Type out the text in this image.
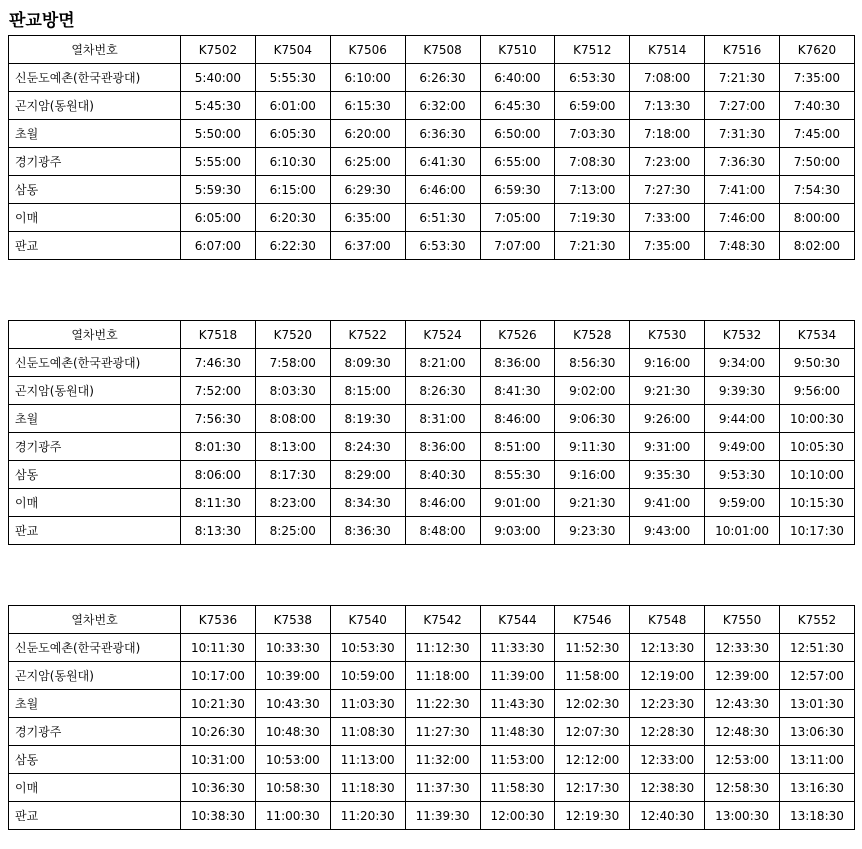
판교방면
열차번호	K7502	K7504	K7506	K7508	K7510	K7512	K7514	K7516	K7620
신둔도예촌(한국관광대)	5:40:00	5:55:30	6:10:00	6:26:30	6:40:00	6:53:30	7:08:00	7:21:30	7:35:00
곤지암(동원대)	5:45:30	6:01:00	6:15:30	6:32:00	6:45:30	6:59:00	7:13:30	7:27:00	7:40:30
초월	5:50:00	6:05:30	6:20:00	6:36:30	6:50:00	7:03:30	7:18:00	7:31:30	7:45:00
경기광주	5:55:00	6:10:30	6:25:00	6:41:30	6:55:00	7:08:30	7:23:00	7:36:30	7:50:00
삼동	5:59:30	6:15:00	6:29:30	6:46:00	6:59:30	7:13:00	7:27:30	7:41:00	7:54:30
이매	6:05:00	6:20:30	6:35:00	6:51:30	7:05:00	7:19:30	7:33:00	7:46:00	8:00:00
판교	6:07:00	6:22:30	6:37:00	6:53:30	7:07:00	7:21:30	7:35:00	7:48:30	8:02:00
열차번호	K7518	K7520	K7522	K7524	K7526	K7528	K7530	K7532	K7534
신둔도예촌(한국관광대)	7:46:30	7:58:00	8:09:30	8:21:00	8:36:00	8:56:30	9:16:00	9:34:00	9:50:30
곤지암(동원대)	7:52:00	8:03:30	8:15:00	8:26:30	8:41:30	9:02:00	9:21:30	9:39:30	9:56:00
초월	7:56:30	8:08:00	8:19:30	8:31:00	8:46:00	9:06:30	9:26:00	9:44:00	10:00:30
경기광주	8:01:30	8:13:00	8:24:30	8:36:00	8:51:00	9:11:30	9:31:00	9:49:00	10:05:30
삼동	8:06:00	8:17:30	8:29:00	8:40:30	8:55:30	9:16:00	9:35:30	9:53:30	10:10:00
이매	8:11:30	8:23:00	8:34:30	8:46:00	9:01:00	9:21:30	9:41:00	9:59:00	10:15:30
판교	8:13:30	8:25:00	8:36:30	8:48:00	9:03:00	9:23:30	9:43:00	10:01:00	10:17:30
열차번호	K7536	K7538	K7540	K7542	K7544	K7546	K7548	K7550	K7552
신둔도예촌(한국관광대)	10:11:30	10:33:30	10:53:30	11:12:30	11:33:30	11:52:30	12:13:30	12:33:30	12:51:30
곤지암(동원대)	10:17:00	10:39:00	10:59:00	11:18:00	11:39:00	11:58:00	12:19:00	12:39:00	12:57:00
초월	10:21:30	10:43:30	11:03:30	11:22:30	11:43:30	12:02:30	12:23:30	12:43:30	13:01:30
경기광주	10:26:30	10:48:30	11:08:30	11:27:30	11:48:30	12:07:30	12:28:30	12:48:30	13:06:30
삼동	10:31:00	10:53:00	11:13:00	11:32:00	11:53:00	12:12:00	12:33:00	12:53:00	13:11:00
이매	10:36:30	10:58:30	11:18:30	11:37:30	11:58:30	12:17:30	12:38:30	12:58:30	13:16:30
판교	10:38:30	11:00:30	11:20:30	11:39:30	12:00:30	12:19:30	12:40:30	13:00:30	13:18:30
